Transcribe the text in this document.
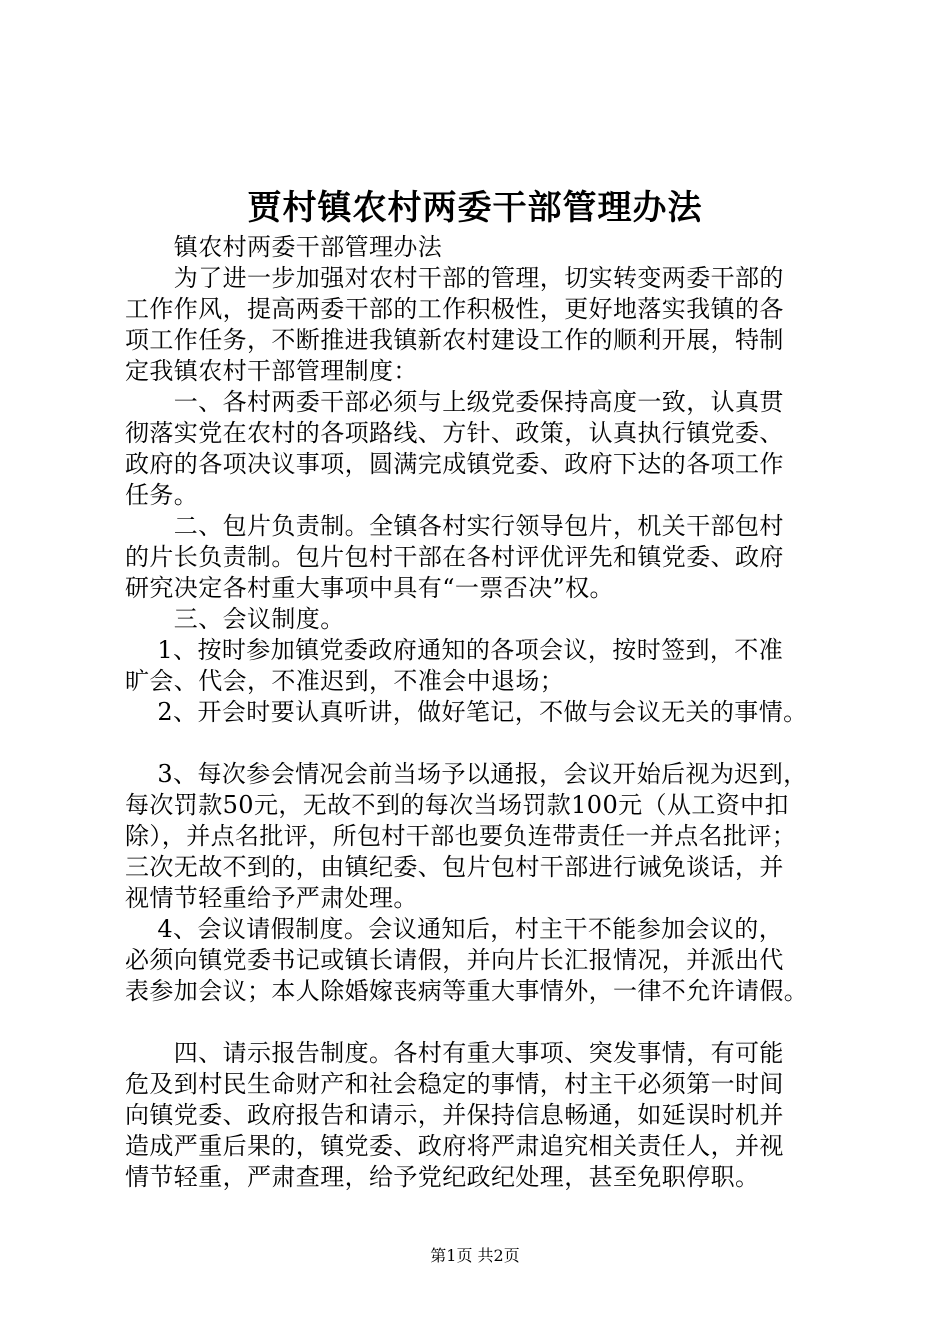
贾村镇农村两委干部管理办法
　　镇农村两委干部管理办法
　　为了进一步加强对农村干部的管理，切实转变两委干部的
工作作风，提高两委干部的工作积极性，更好地落实我镇的各
项工作任务，不断推进我镇新农村建设工作的顺利开展，特制
定我镇农村干部管理制度：
　　一、各村两委干部必须与上级党委保持高度一致，认真贯
彻落实党在农村的各项路线、方针、政策，认真执行镇党委、
政府的各项决议事项，圆满完成镇党委、政府下达的各项工作
任务。
　　二、包片负责制。全镇各村实行领导包片，机关干部包村
的片长负责制。包片包村干部在各村评优评先和镇党委、政府
研究决定各村重大事项中具有“一票否决”权。
　　三、会议制度。
　 1、按时参加镇党委政府通知的各项会议，按时签到，不准
旷会、代会，不准迟到，不准会中退场；
　 2、开会时要认真听讲，做好笔记，不做与会议无关的事情。
　 3、每次参会情况会前当场予以通报，会议开始后视为迟到，
每次罚款50元，无故不到的每次当场罚款100元（从工资中扣
除），并点名批评，所包村干部也要负连带责任一并点名批评；
三次无故不到的，由镇纪委、包片包村干部进行诫免谈话，并
视情节轻重给予严肃处理。
　 4、会议请假制度。会议通知后，村主干不能参加会议的，
必须向镇党委书记或镇长请假，并向片长汇报情况，并派出代
表参加会议；本人除婚嫁丧病等重大事情外，一律不允许请假。
　　四、请示报告制度。各村有重大事项、突发事情，有可能
危及到村民生命财产和社会稳定的事情，村主干必须第一时间
向镇党委、政府报告和请示，并保持信息畅通，如延误时机并
造成严重后果的，镇党委、政府将严肃追究相关责任人，并视
情节轻重，严肃查理，给予党纪政纪处理，甚至免职停职。
第1页 共2页
